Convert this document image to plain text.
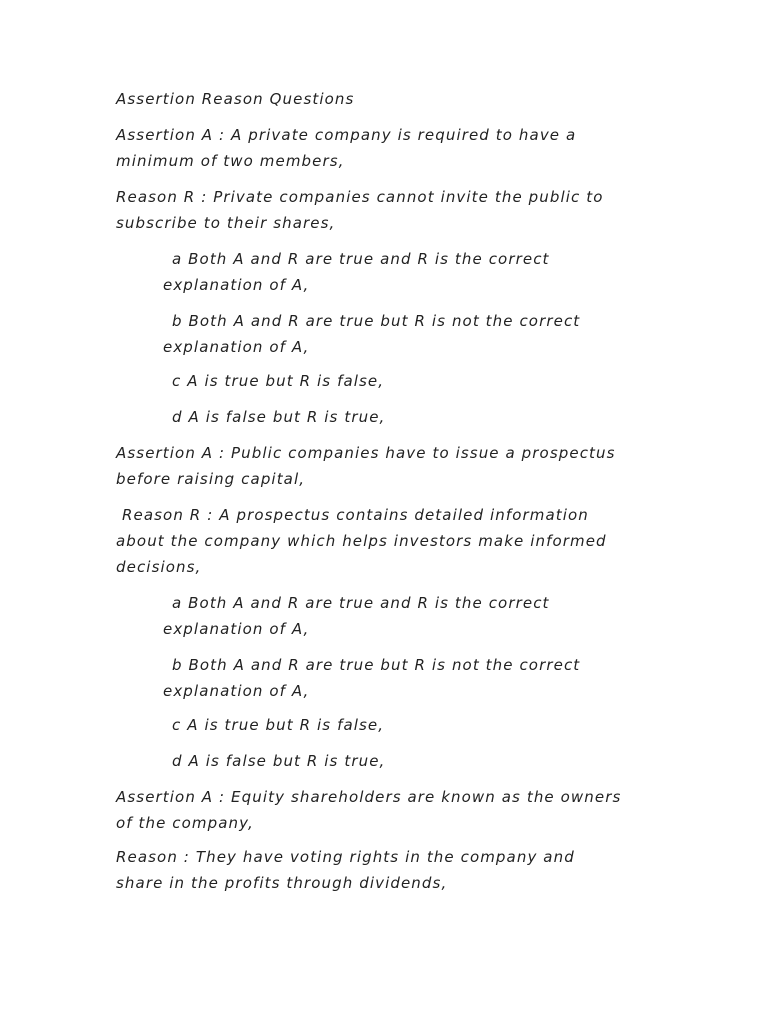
Assertion Reason Questions

Assertion A : A private company is required to have a

minimum of two members,

Reason R : Private companies cannot invite the public to

subscribe to their shares,

a Both A and R are true and R is the correct

explanation of A,

b Both A and R are true but R is not the correct

explanation of A,

c A is true but R is false,

d A is false but R is true,

Assertion A : Public companies have to issue a prospectus

before raising capital,

Reason R : A prospectus contains detailed information

about the company which helps investors make informed

decisions,

a Both A and R are true and R is the correct

explanation of A,

b Both A and R are true but R is not the correct

explanation of A,

c A is true but R is false,

d A is false but R is true,

Assertion A : Equity shareholders are known as the owners

of the company,

Reason : They have voting rights in the company and

share in the profits through dividends,
